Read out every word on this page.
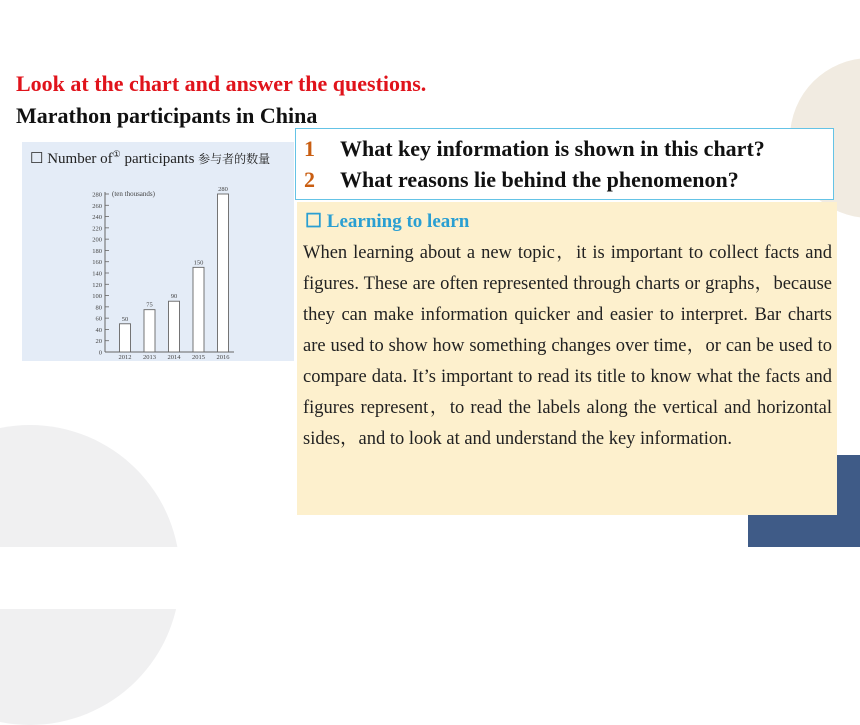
Look at the chart and answer the questions.
Marathon participants in China
☐ Number of① participants 参与者的数量
0
20
40
60
80
100
120
140
160
180
200
220
240
260
280 (ten thousands)
50
2012
75
2013
90
2014
150
2015
280
2016
1 What key information is shown in this chart?
2 What reasons lie behind the phenomenon?
☐ Learning to learn
When learning about a new topic，it is important to collect facts and figures. These are often represented through charts or graphs，because they can make information quicker and easier to interpret. Bar charts are used to show how something changes over time，or can be used to compare data. It’s important to read its title to know what the facts and figures represent，to read the labels along the vertical and horizontal sides，and to look at and understand the key information.
